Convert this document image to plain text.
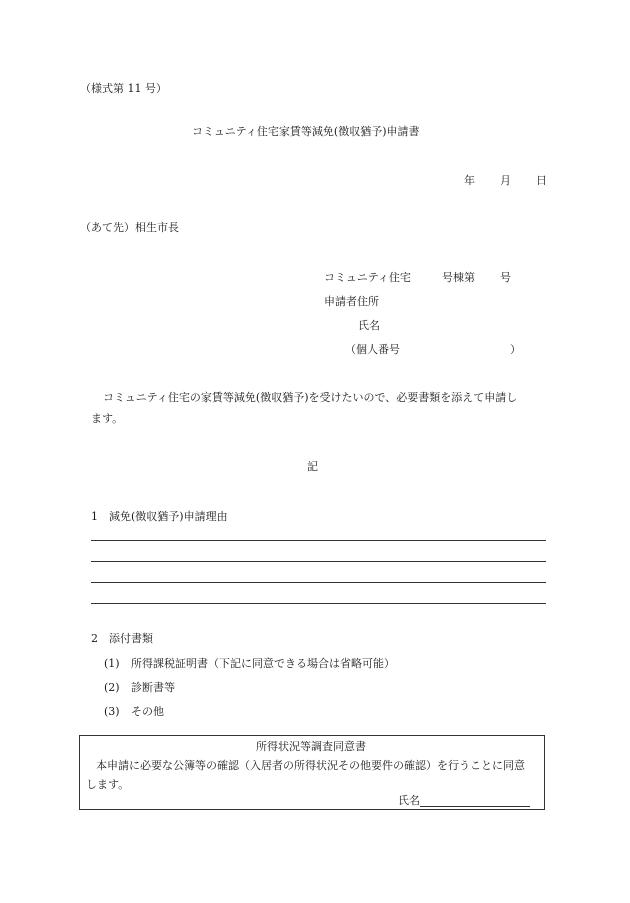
（様式第 11 号）
コミュニティ住宅家賃等減免(徴収猶予)申請書
年 月 日
（あて先）相生市長
コミュニティ住宅	号棟第 号
申請者住所
氏名
（個人番号	）
コミュニティ住宅の家賃等減免(徴収猶予)を受けたいので、必要書類を添えて申請し
ます。
記
1 減免(徴収猶予)申請理由
2 添付書類
(1) 所得課税証明書（下記に同意できる場合は省略可能）
(2) 診断書等
(3) その他
所得状況等調査同意書
本申請に必要な公簿等の確認（入居者の所得状況その他要件の確認）を行うことに同意
します。
氏名
